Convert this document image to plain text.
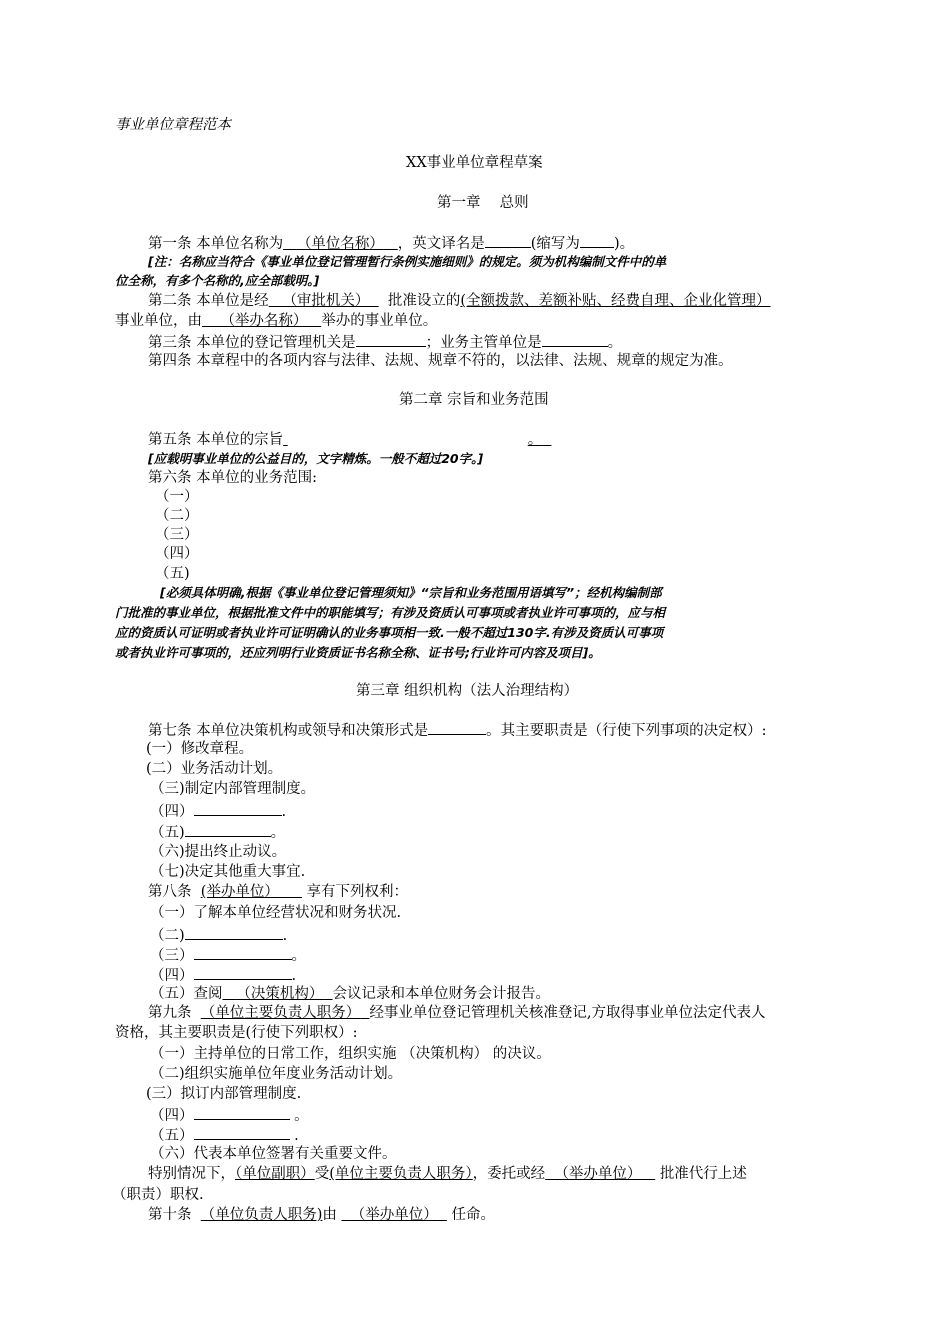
事业单位章程范本
XX事业单位章程草案
第一章　 总则
第一条 本单位名称为 （单位名称） ，英文译名是	(缩写为 )。
[注：名称应当符合《事业单位登记管理暂行条例实施细则》的规定。须为机构编制文件中的单
位全称，有多个名称的,应全部载明。]
第二条 本单位是经 （审批机关） 批准设立的(全额拨款、差额补贴、经费自理、企业化管理）
事业单位，由 （举办名称） 举办的事业单位。
第三条 本单位的登记管理机关是	；业务主管单位是	。
第四条 本章程中的各项内容与法律、法规、规章不符的，以法律、法规、规章的规定为准。
第二章 宗旨和业务范围
第五条 本单位的宗旨	。
[应载明事业单位的公益目的，文字精炼。一般不超过20字。]
第六条 本单位的业务范围:
（一）
（二）
（三）
（四）
（五)
[必须具体明确,根据《事业单位登记管理须知》“宗旨和业务范围用语填写”；经机构编制部
门批准的事业单位，根据批准文件中的职能填写；有涉及资质认可事项或者执业许可事项的，应与相
应的资质认可证明或者执业许可证明确认的业务事项相一致.一般不超过130字.有涉及资质认可事项
或者执业许可事项的，还应列明行业资质证书名称全称、证书号;行业许可内容及项目]。
第三章 组织机构（法人治理结构）
第七条 本单位决策机构或领导和决策形式是	。其主要职责是（行使下列事项的决定权）:
(一）修改章程。
(二）业务活动计划。
（三)制定内部管理制度。
（四）	.
（五)	。
（六)提出终止动议。
（七)决定其他重大事宜.
第八条  (举办单位） 享有下列权利：
（一）了解本单位经营状况和财务状况.
（二)	.
（三）	。
（四）	.
（五）查阅 （决策机构） 会议记录和本单位财务会计报告。
第九条  （单位主要负责人职务） 经事业单位登记管理机关核准登记,方取得事业单位法定代表人
资格，其主要职责是(行使下列职权）:
（一）主持单位的日常工作，组织实施 （决策机构） 的决议。
（二)组织实施单位年度业务活动计划。
(三）拟订内部管理制度.
（四）	。
（五）	.
（六）代表本单位签署有关重要文件。
特别情况下，（单位副职）受(单位主要负责人职务），委托或经 （举办单位） 批准代行上述
（职责）职权.
第十条  （单位负责人职务)由 （举办单位） 任命。
